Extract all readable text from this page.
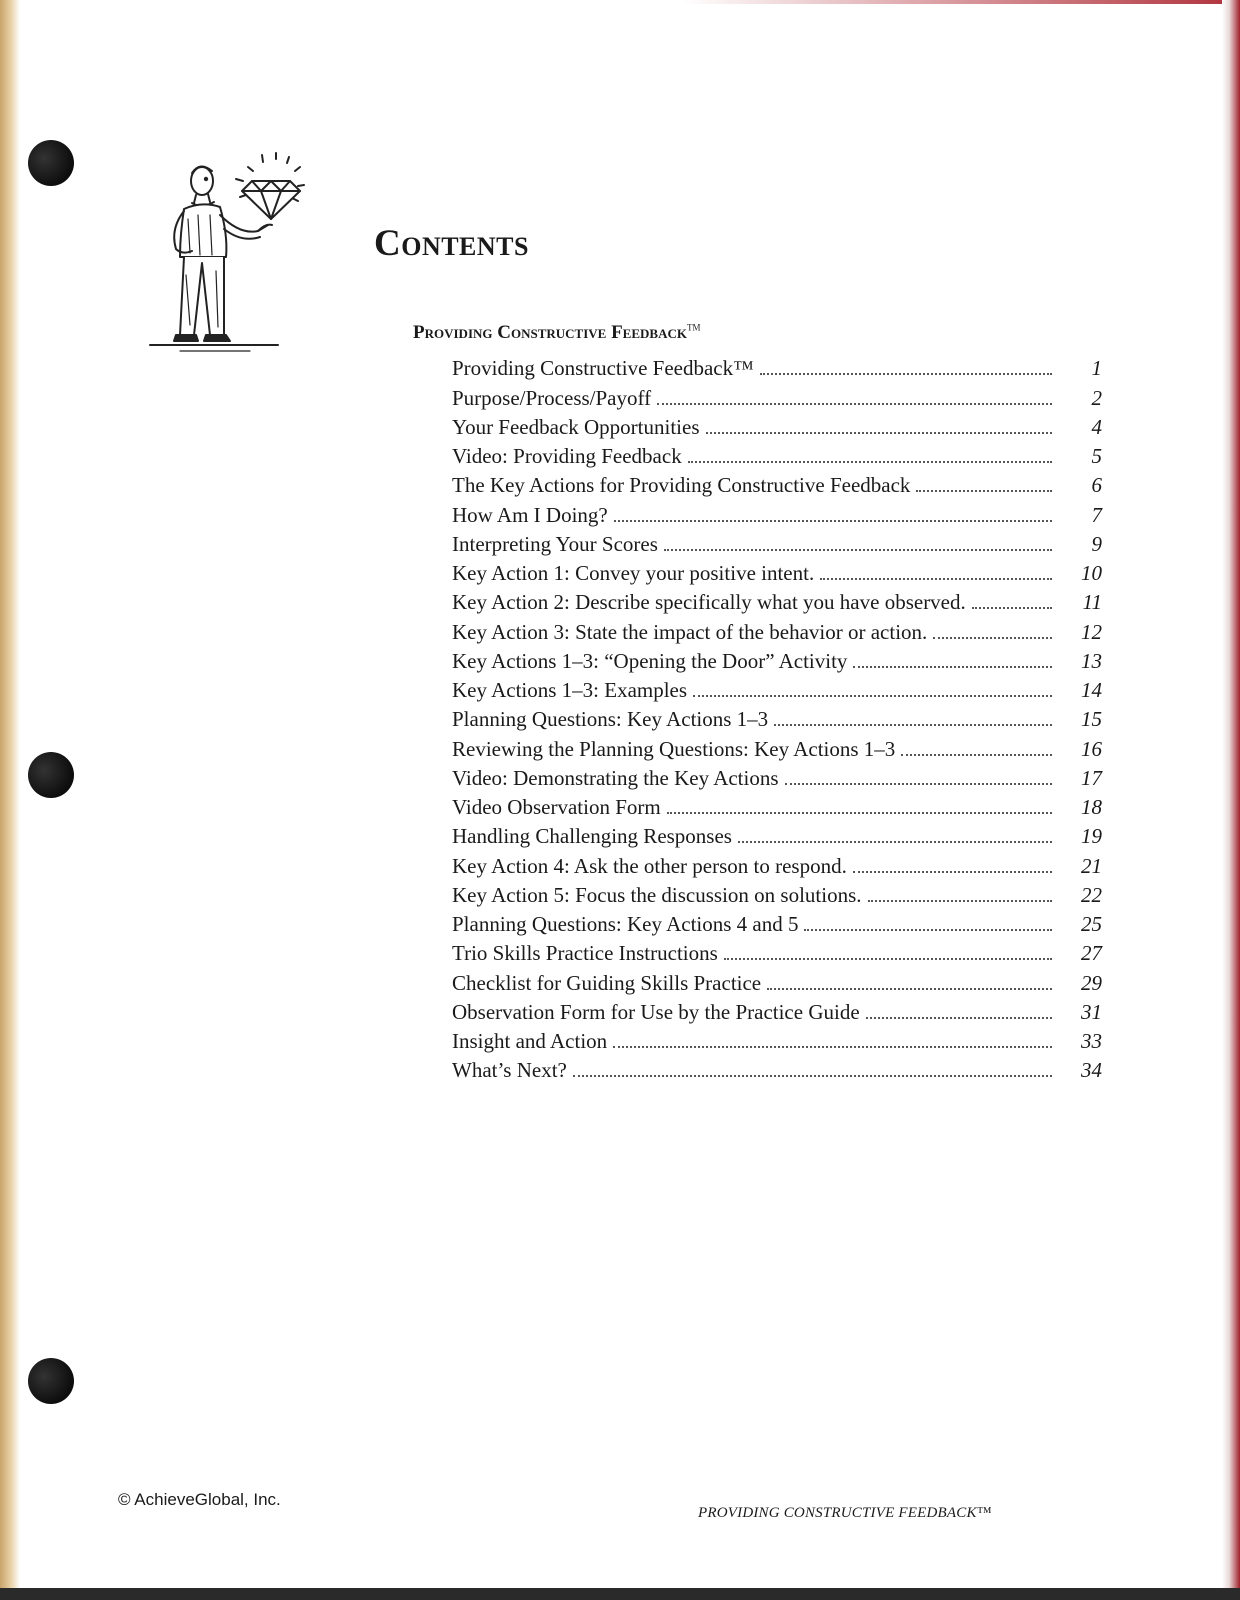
Contents
Providing Constructive Feedback™
Providing Constructive Feedback™	1
Purpose/Process/Payoff	2
Your Feedback Opportunities	4
Video: Providing Feedback	5
The Key Actions for Providing Constructive Feedback	6
How Am I Doing?	7
Interpreting Your Scores	9
Key Action 1: Convey your positive intent.	10
Key Action 2: Describe specifically what you have observed.	11
Key Action 3: State the impact of the behavior or action.	12
Key Actions 1–3: “Opening the Door” Activity	13
Key Actions 1–3: Examples	14
Planning Questions: Key Actions 1–3	15
Reviewing the Planning Questions: Key Actions 1–3	16
Video: Demonstrating the Key Actions	17
Video Observation Form	18
Handling Challenging Responses	19
Key Action 4: Ask the other person to respond.	21
Key Action 5: Focus the discussion on solutions.	22
Planning Questions: Key Actions 4 and 5	25
Trio Skills Practice Instructions	27
Checklist for Guiding Skills Practice	29
Observation Form for Use by the Practice Guide	31
Insight and Action	33
What’s Next?	34
© AchieveGlobal, Inc.
PROVIDING CONSTRUCTIVE FEEDBACK™
